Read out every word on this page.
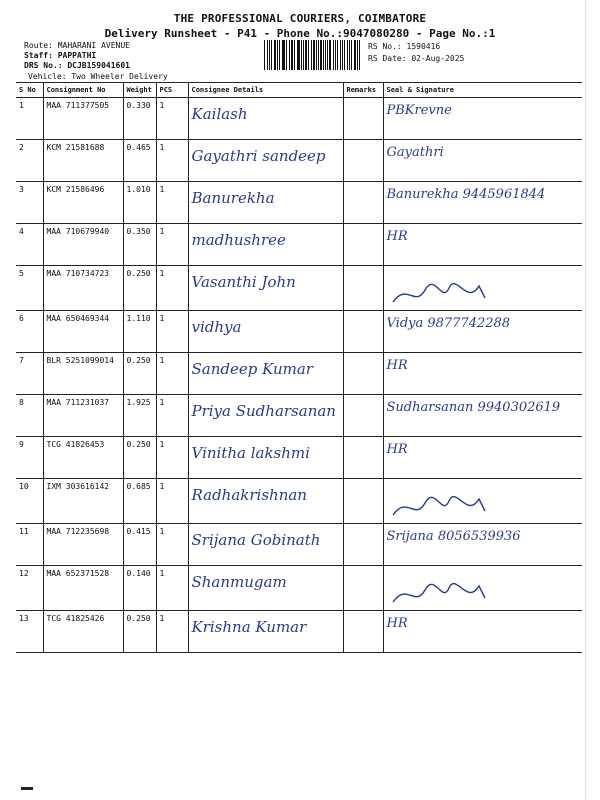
THE PROFESSIONAL COURIERS, COIMBATORE
Delivery Runsheet - P41 - Phone No.:9047080280 - Page No.:1
Route: MAHARANI AVENUE
Staff: PAPPATHI
DRS No.: DCJB159041601
Vehicle: Two Wheeler Delivery
RS No.: 1590416
RS Date: 02-Aug-2025
S No	Consignment No	Weight	PCS	Consignee Details	Remarks	Seal & Signature
1	MAA 711377505	0.330	1	Kailash		PBKrevne
2	KCM 21581688	0.465	1	Gayathri sandeep		Gayathri
3	KCM 21586496	1.010	1	Banurekha		Banurekha 9445961844
4	MAA 710679940	0.350	1	madhushree		HR
5	MAA 710734723	0.250	1	Vasanthi John		

6	MAA 650469344	1.110	1	vidhya		Vidya 9877742288
7	BLR 5251099014	0.250	1	Sandeep Kumar		HR
8	MAA 711231037	1.925	1	Priya Sudharsanan		Sudharsanan 9940302619
9	TCG 41826453	0.250	1	Vinitha lakshmi		HR
10	IXM 303616142	0.685	1	Radhakrishnan		

11	MAA 712235698	0.415	1	Srijana Gobinath		Srijana 8056539936
12	MAA 652371528	0.140	1	Shanmugam		

13	TCG 41825426	0.250	1	Krishna Kumar		HR
